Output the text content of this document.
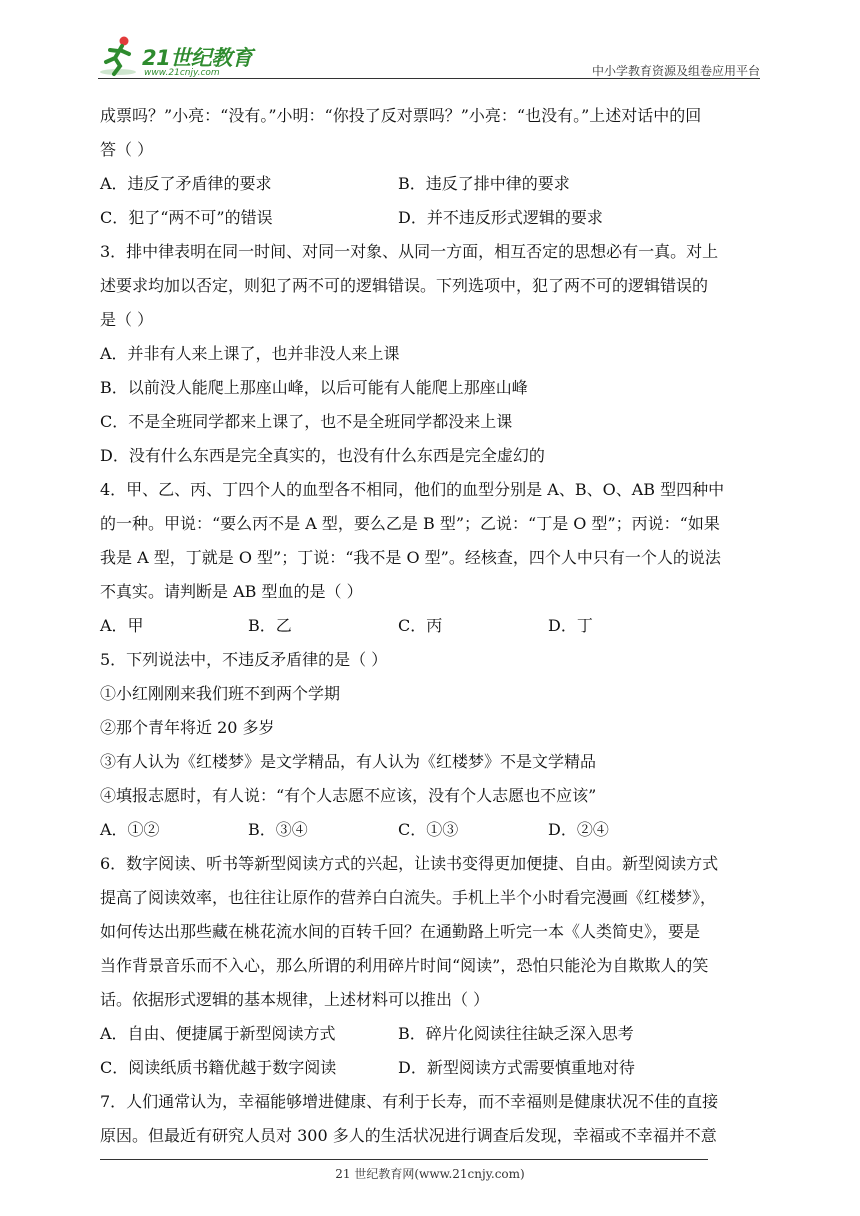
21世纪教育
www.21cnjy.com	中小学教育资源及组卷应用平台
成票吗？”小亮：“没有。”小明：“你投了反对票吗？”小亮：“也没有。”上述对话中的回
答（ ）
A．违反了矛盾律的要求	B．违反了排中律的要求
C．犯了“两不可”的错误	D．并不违反形式逻辑的要求
3．排中律表明在同一时间、对同一对象、从同一方面，相互否定的思想必有一真。对上
述要求均加以否定，则犯了两不可的逻辑错误。下列选项中，犯了两不可的逻辑错误的
是（ ）
A．并非有人来上课了，也并非没人来上课
B．以前没人能爬上那座山峰，以后可能有人能爬上那座山峰
C．不是全班同学都来上课了，也不是全班同学都没来上课
D．没有什么东西是完全真实的，也没有什么东西是完全虚幻的
4．甲、乙、丙、丁四个人的血型各不相同，他们的血型分别是 A、B、O、AB 型四种中
的一种。甲说：“要么丙不是 A 型，要么乙是 B 型”；乙说：“丁是 O 型”；丙说：“如果
我是 A 型，丁就是 O 型”；丁说：“我不是 O 型”。经核查，四个人中只有一个人的说法
不真实。请判断是 AB 型血的是（ ）
A．甲	B．乙	C．丙	D．丁
5．下列说法中，不违反矛盾律的是（ ）
①小红刚刚来我们班不到两个学期
②那个青年将近 20 多岁
③有人认为《红楼梦》是文学精品，有人认为《红楼梦》不是文学精品
④填报志愿时，有人说：“有个人志愿不应该，没有个人志愿也不应该”
A．①②	B．③④	C．①③	D．②④
6．数字阅读、听书等新型阅读方式的兴起，让读书变得更加便捷、自由。新型阅读方式
提高了阅读效率，也往往让原作的营养白白流失。手机上半个小时看完漫画《红楼梦》，
如何传达出那些藏在桃花流水间的百转千回？在通勤路上听完一本《人类简史》，要是
当作背景音乐而不入心，那么所谓的利用碎片时间“阅读”，恐怕只能沦为自欺欺人的笑
话。依据形式逻辑的基本规律，上述材料可以推出（ ）
A．自由、便捷属于新型阅读方式	B．碎片化阅读往往缺乏深入思考
C．阅读纸质书籍优越于数字阅读	D．新型阅读方式需要慎重地对待
7．人们通常认为，幸福能够增进健康、有利于长寿，而不幸福则是健康状况不佳的直接
原因。但最近有研究人员对 300 多人的生活状况进行调查后发现，幸福或不幸福并不意
21 世纪教育网(www.21cnjy.com)
